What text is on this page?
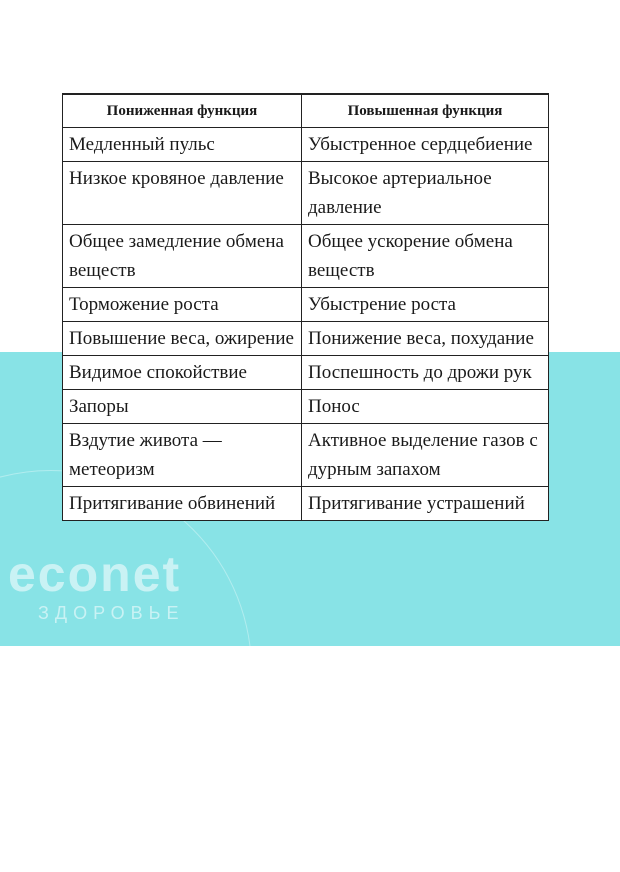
econet
ЗДОРОВЬЕ
Пониженная функция	Повышенная функция
Медленный пульс	Убыстренное сердцебиение
Низкое кровяное давление	Высокое артериальное давление
Общее замедление обмена веществ	Общее ускорение обмена веществ
Торможение роста	Убыстрение роста
Повышение веса, ожирение	Понижение веса, похудание
Видимое спокойствие	Поспешность до дрожи рук
Запоры	Понос
Вздутие живота — метеоризм	Активное выделение газов с дурным запахом
Притягивание обвинений	Притягивание устрашений
